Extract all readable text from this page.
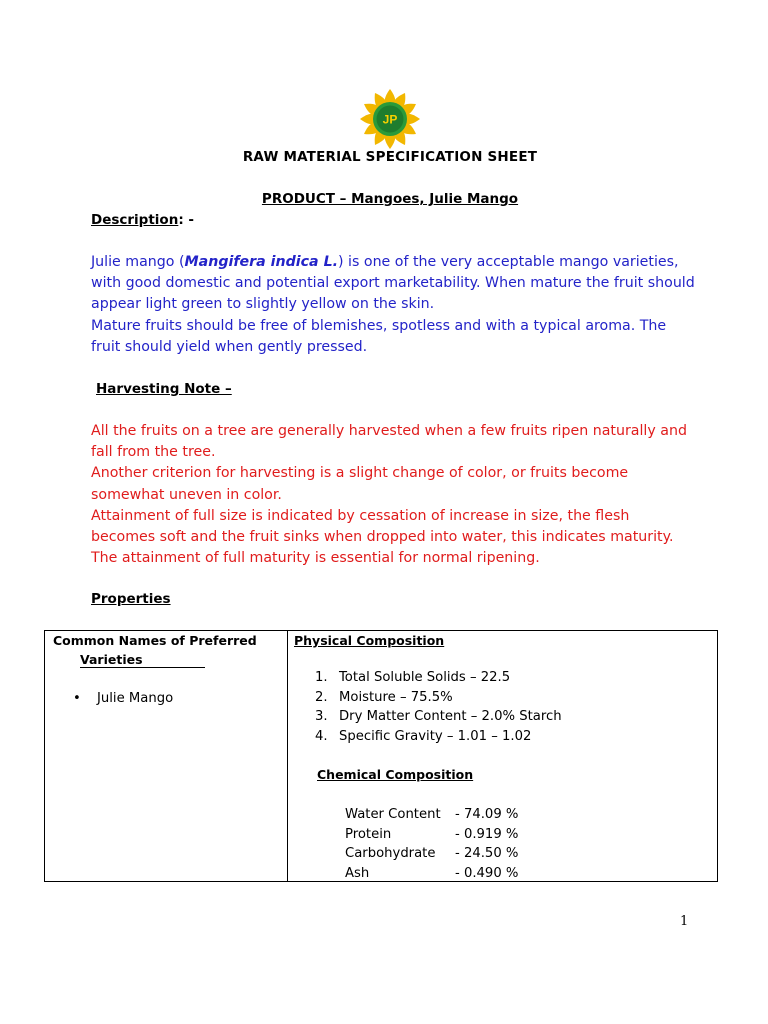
JP
RAW MATERIAL SPECIFICATION SHEET
PRODUCT – Mangoes, Julie Mango
Description: -

Julie mango (Mangifera indica L.) is one of the very acceptable mango varieties, with good domestic and potential export marketability. When mature the fruit should appear light green to slightly yellow on the skin.

Mature fruits should be free of blemishes, spotless and with a typical aroma. The fruit should yield when gently pressed.

Harvesting Note –

All the fruits on a tree are generally harvested when a few fruits ripen naturally and fall from the tree.

Another criterion for harvesting is a slight change of color, or fruits become somewhat uneven in color.

Attainment of full size is indicated by cessation of increase in size, the flesh becomes soft and the fruit sinks when dropped into water, this indicates maturity.

The attainment of full maturity is essential for normal ripening.

Properties
Common Names of Preferred
Varieties
• Julie Mango
Physical Composition
1. Total Soluble Solids – 22.5
2. Moisture – 75.5%
3. Dry Matter Content – 2.0% Starch
4. Specific Gravity – 1.01 – 1.02
Chemical Composition
Water Content - 74.09 %
Protein	- 0.919 %
Carbohydrate - 24.50 %
Ash	- 0.490 %
1
